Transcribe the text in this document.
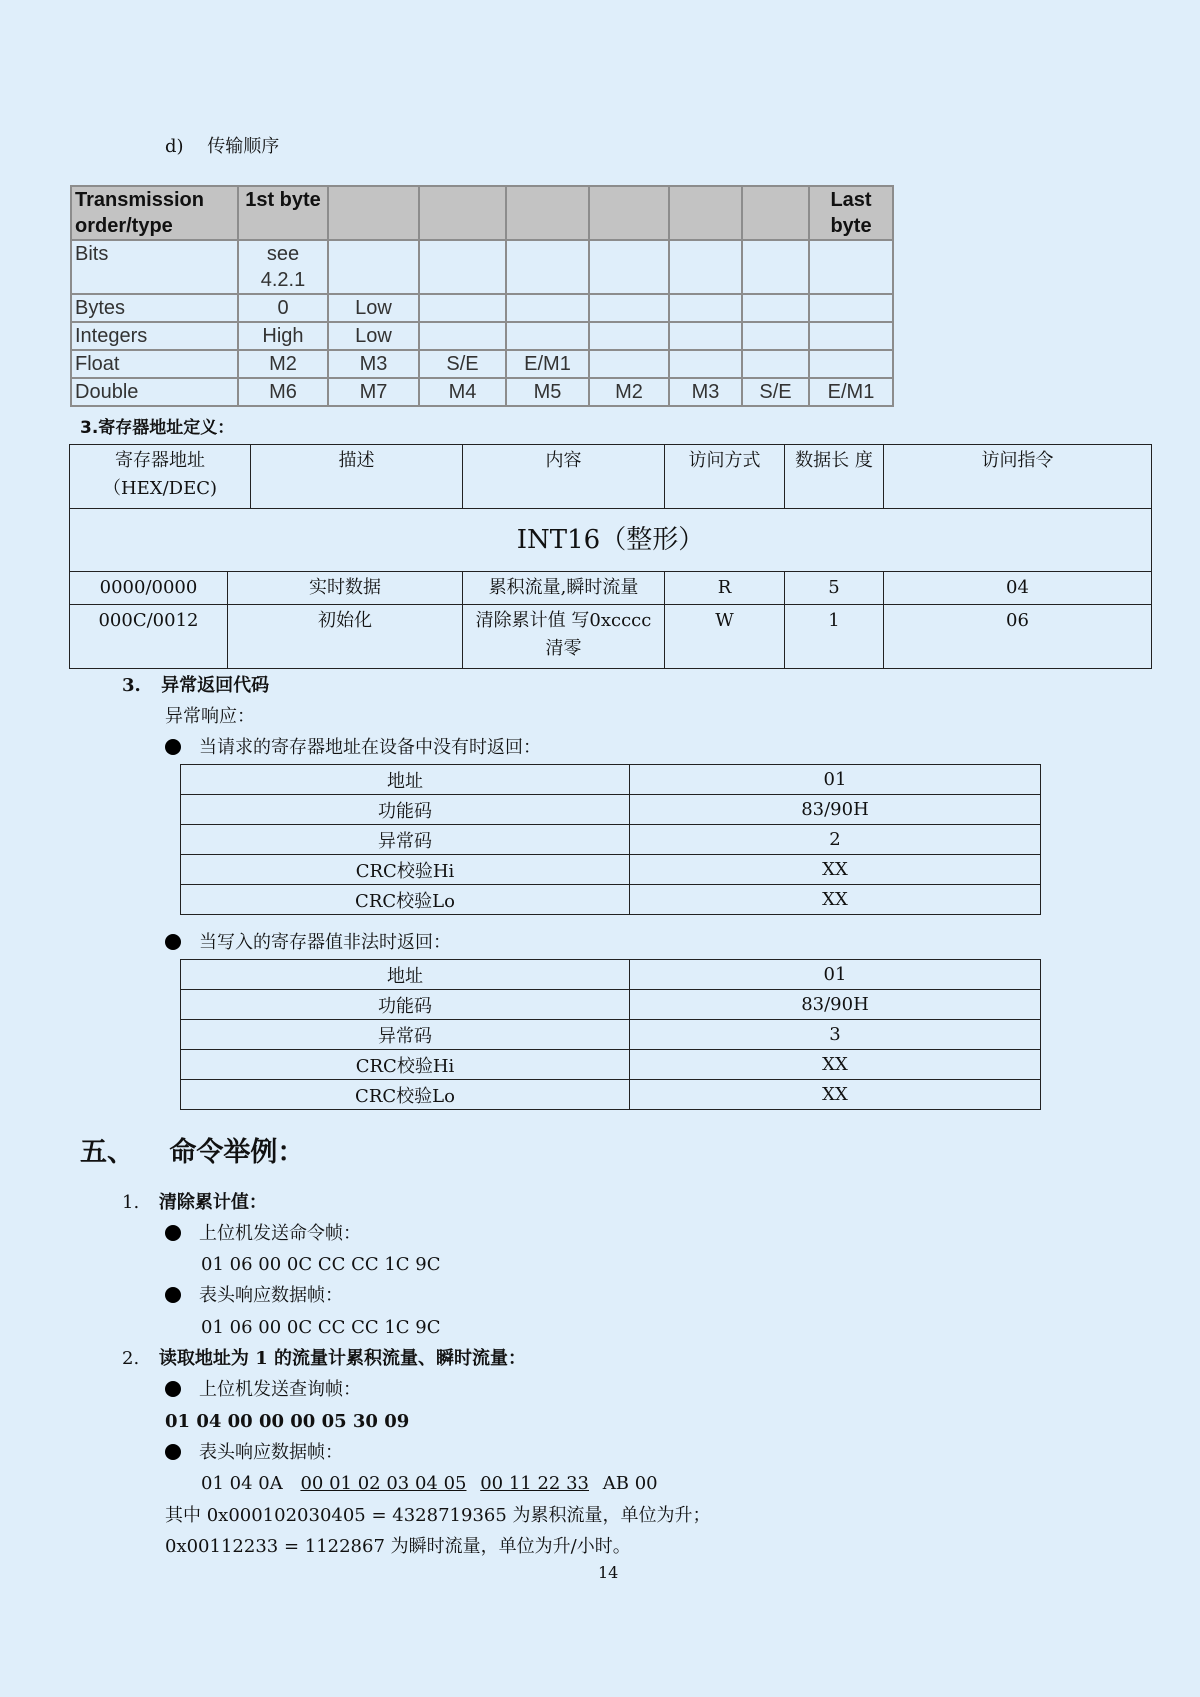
d) 传输顺序
Transmission order/type	1st byte							Last byte
Bits	see 4.2.1							
Bytes	0	Low						
Integers	High	Low						
Float	M2	M3	S/E	E/M1				
Double	M6	M7	M4	M5	M2	M3	S/E	E/M1
3.寄存器地址定义：
寄存器地址 （HEX/DEC)		描述	内容	访问方式	数据长 度	访问指令
INT16（整形）						
0000/0000	实时数据		累积流量,瞬时流量	R	5	04
000C/0012	初始化		清除累计值 写0xcccc清零	W	1	06
3. 异常返回代码
异常响应：
当请求的寄存器地址在设备中没有时返回：
地址	01
功能码	83/90H
异常码	2
CRC校验Hi	XX
CRC校验Lo	XX
当写入的寄存器值非法时返回：
地址	01
功能码	83/90H
异常码	3
CRC校验Hi	XX
CRC校验Lo	XX
五、 命令举例：
1. 清除累计值：
上位机发送命令帧：
01 06 00 0C CC CC 1C 9C
表头响应数据帧：
01 06 00 0C CC CC 1C 9C
2. 读取地址为 1 的流量计累积流量、瞬时流量：
上位机发送查询帧：
01 04 00 00 00 05 30 09
表头响应数据帧：
01 04 0A 00 01 02 03 04 05 00 11 22 33 AB 00
其中 0x000102030405 = 4328719365 为累积流量，单位为升；
0x00112233 = 1122867 为瞬时流量，单位为升/小时。
14
